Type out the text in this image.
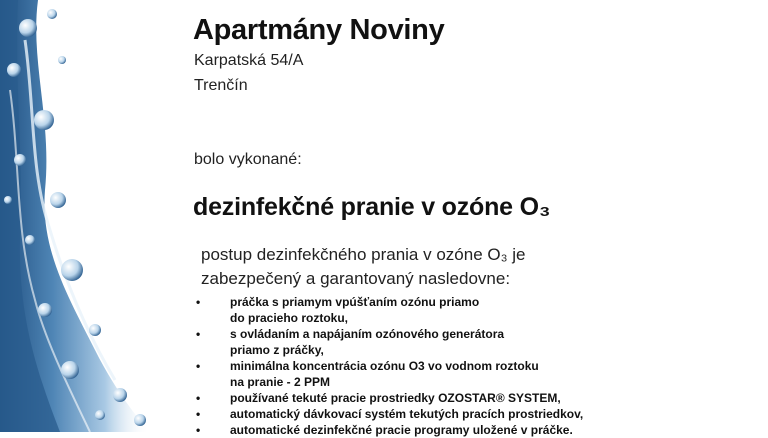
Apartmány Noviny
Karpatská 54/A
Trenčín
bolo vykonané:
dezinfekčné pranie v ozóne O₃
postup dezinfekčného prania v ozóne O₃ je zabezpečený a garantovaný nasledovne:
• práčka s priamym vpúšťaním ozónu priamo
do pracieho roztoku,
• s ovládaním a napájaním ozónového generátora
priamo z práčky,
• minimálna koncentrácia ozónu O3 vo vodnom roztoku
na pranie - 2 PPM
• používané tekuté pracie prostriedky OZOSTAR® SYSTEM,
• automatický dávkovací systém tekutých pracích prostriedkov,
• automatické dezinfekčné pracie programy uložené v práčke.
